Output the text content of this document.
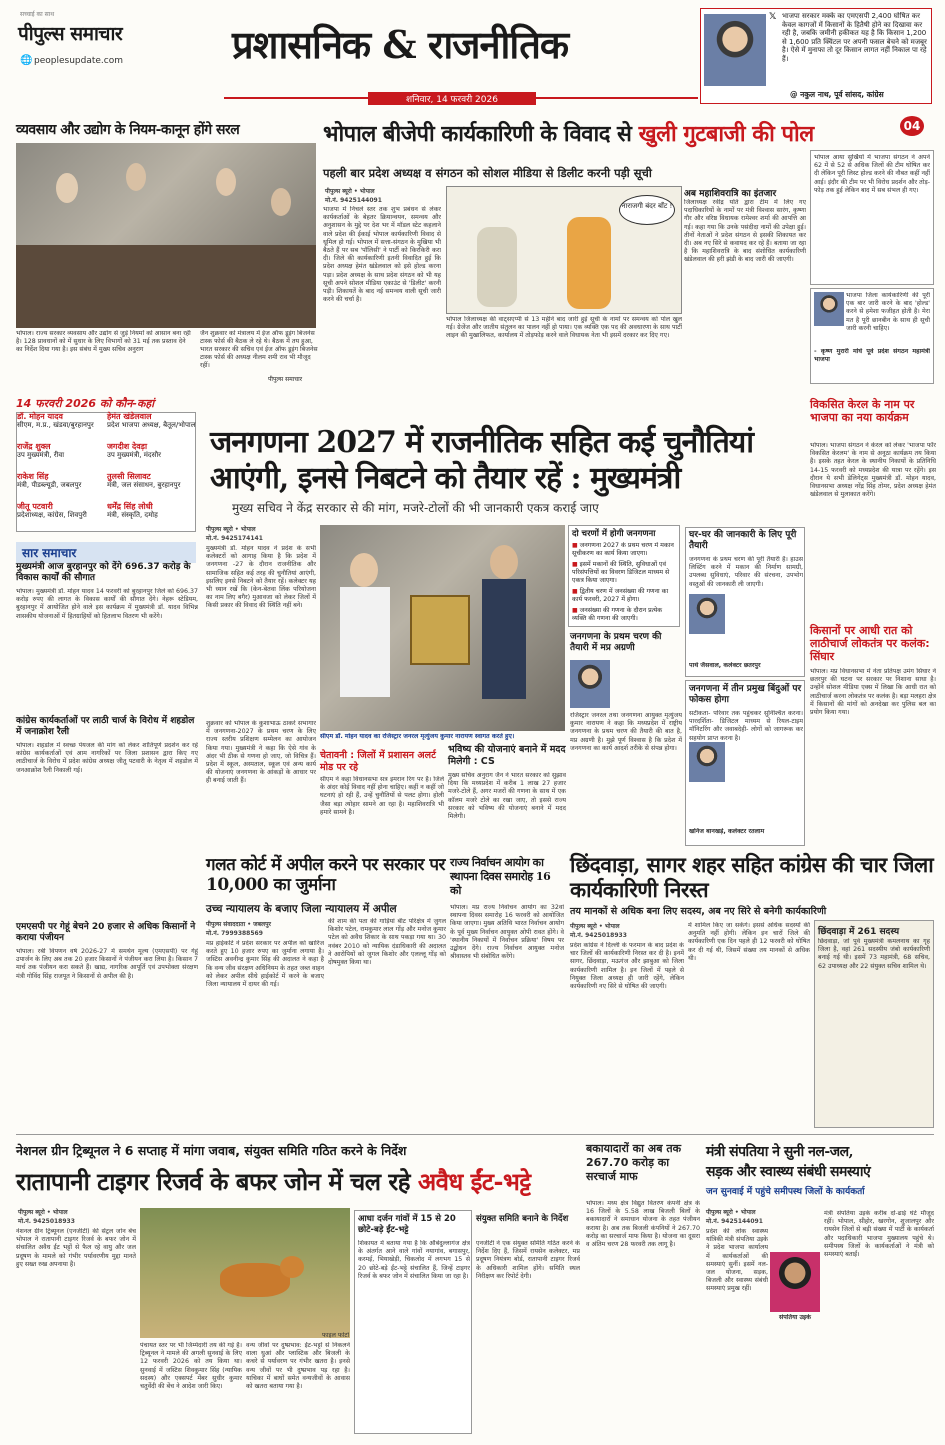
सच्चाई का साथ
पीपुल्स समाचार
🌐 peoplesupdate.com	प्रशासनिक & राजनीतिक
शनिवार, 14 फरवरी 2026
𝕏 भाजपा सरकार मक्के का एमएसपी 2,400 घोषित कर केवल कागजों में किसानों के हितैषी होने का दिखावा कर रही है, जबकि जमीनी हकीकत यह है कि किसान 1,200 से 1,600 प्रति क्विंटल पर अपनी फसल बेचने को मजबूर है। ऐसे में मुनाफा तो दूर किसान लागत नहीं निकाल पा रहे हैं।
@ नकुल नाथ, पूर्व सांसद, कांग्रेस
04
व्यवसाय और उद्योग के नियम-कानून होंगे सरल
भोपाल। राज्य सरकार व्यवसाय और उद्योग से जुड़े नियमों को आसान बना रही है। 128 प्रावधानों को में सुधार के लिए विभागों को 31 मई तक प्रस्ताव देने का निर्देश दिया गया है। इस संबंध में मुख्य सचिव अनुराग
जैन शुक्रवार को मंत्रालय में ईज ऑफ डूइंग बिजनेस टास्क फोर्स की बैठक ले रहे थे। बैठक में तय हुआ, भारत सरकार की सचिव एवं ईज ऑफ डूइंग बिजनेस टास्क फोर्स की अध्यक्ष नीलम शमी राव भी मौजूद रहीं।
पीपुल्स समाचार
भोपाल बीजेपी कार्यकारिणी के विवाद से खुली गुटबाजी की पोल
पहली बार प्रदेश अध्यक्ष व संगठन को सोशल मीडिया से डिलीट करनी पड़ी सूची
पीपुल्स ब्यूरो • भोपाल
मो.नं. 9425144091
भाजपा में निचले स्तर तक शुभ प्रबंधन से लेकर कार्यकर्ताओं के बेहतर क्रियान्वयन, समन्वय और अनुशासन के मुद्दे पर देश भर में मॉडल स्टेट कहलाने वाले प्रदेश की ईकाई भोपाल कार्यकारिणी विवाद से धूमिल हो गई। भोपाल में सत्ता-संगठन के मुखिया भी बैठते हैं पर सब 'पॉलिसी' ने पार्टी को किरकिरी करा दी। जिले की कार्यकारिणी इतनी विवादित हुई कि प्रदेश अध्यक्ष हेमंत खंडेलवाल को इसे होल्ड करना पड़ा। प्रदेश अध्यक्ष के साथ प्रदेश संगठन को भी यह सूची अपने सोशल मीडिया एकाउंट से 'डिलीट' करनी पड़ी। शिकायतें के बाद नई समन्वय वाली सूची जारी करने की चर्चा है।
नाराजगी बंदर बाँट !
भोपाल जिलाध्यक्ष की वाट्सएप्पी से 13 महीने बाद जारी हुई सूची के नामों पर समन्वय को पोल खुल गई। ग्रेजेंज और जातीय संतुलन का पालन नहीं हो पाया। एक व्यक्ति एक पद की अवधारणा के साथ पार्टी लाइन की मुखालिफत, कार्यालय में तोड़फोड़ करने वाले विधायक नेता भी इसमें दरकार कर दिए गए।
अब महाशिवरात्रि का इंतजार
जिलाध्यक्ष रवींद्र यति द्वारा टीम में लिए गए पदाधिकारियों के नामों पर मंत्री विश्वास सारंग, कृष्णा गौर और वरिष्ठ विधायक रामेश्वर शर्मा की आपत्ति आ गई। कहा गया कि उनके पसंदीदा नामों की उपेक्षा हुई। तीनों नेताओं ने प्रदेश संगठन से इसकी शिकायत कर दी। अब नए सिरे से कवायद कर रहे हैं। बताया जा रहा है कि महाशिवरात्रि के बाद संशोधित कार्यकारिणी खंडेलवाल की हरी झंडी के बाद जारी की जाएगी।
भोपाल आया सुर्खियों में भाजपा संगठन ने अपने 62 में से 52 से अधिक जिलों की टीम घोषित कर दी लेकिन पूरी लिस्ट होल्ड करने की नौबत कहीं नहीं आई। इंदौर की टीम पर भी विरोध प्रदर्शन और तोड़-फोड़ तक हुई लेकिन बाद में सब संभल ही गए।
भाजपा जिला कार्यकारिणी की पूरी एक बार जारी करने के बाद 'होल्ड' करने से हमेशा फजीहत होती है। मेरा मत है पूरी छानबीन के साथ ही सूची जारी करनी चाहिए।
- कृष्ण मुरारी मोघे पूर्व प्रदेश संगठन महामंत्री भाजपा
14 फरवरी 2026 को कौन-कहां
डॉ. मोहन यादव
सीएम, म.प्र., खंडवा/बुरहानपुर
हेमंत खंडेलवाल
प्रदेश भाजपा अध्यक्ष, बैतूल/भोपाल
राजेंद्र शुक्ल
उप मुख्यमंत्री, रीवा
जगदीश देवड़ा
उप मुख्यमंत्री, मंदसौर
राकेश सिंह
मंत्री, पीडब्ल्यूडी, जबलपुर
तुलसी सिलावट
मंत्री, जल संसाधन, बुरहानपुर
जीतू पटवारी
प्रदेशाध्यक्ष, कांग्रेस, शिवपुरी
धर्मेंद्र सिंह लोधी
मंत्री, संस्कृति, दमोह
जनगणना 2027 में राजनीतिक सहित कई चुनौतियां
आएंगी, इनसे निबटने को तैयार रहें : मुख्यमंत्री
मुख्य सचिव ने केंद्र सरकार से की मांग, मजरे-टोलों की भी जानकारी एकत्र कराई जाए
विकसित केरल के नाम पर भाजपा का नया कार्यक्रम
भोपाल। भाजपा संगठन ने केरल को लेकर 'भाजपा फॉर विकसित केरलम' के नाम से अनूठा कार्यक्रम तय किया है। इसके तहत केरल के स्थानीय निकायों के प्रतिनिधि 14-15 फरवरी को मध्यप्रदेश की यात्रा पर रहेंगे। इस दौरान ये सभी डेलिगेट्स मुख्यमंत्री डॉ. मोहन यादव, विधानसभा अध्यक्ष नरेंद्र सिंह तोमर, प्रदेश अध्यक्ष हेमंत खंडेलवाल से मुलाकात करेंगे।
किसानों पर आधी रात को लाठीचार्ज लोकतंत्र पर कलंक: सिंघार
भोपाल। मप्र विधानसभा में नेता प्रतिपक्ष उमंग सिंघार ने छतरपुर की घटना पर सरकार पर निशाना साधा है। उन्होंने सोशल मीडिया एक्स में लिखा कि आधी रात को लाठीचार्ज करना लोकतंत्र पर कलंक है। बड़ा मलहरा क्षेत्र में किसानों की मांगों को अनदेखा कर पुलिस बल का प्रयोग किया गया।
सार समाचार
मुख्यमंत्री आज बुरहानपुर को देंगे 696.37 करोड़ के विकास कार्यों की सौगात
भोपाल। मुख्यमंत्री डॉ. मोहन यादव 14 फरवरी को बुरहानपुर जिले को 696.37 करोड़ रुपए की लागत के विकास कार्यों की सौगात देंगे। नेहरू स्टेडियम, बुरहानपुर में आयोजित होने वाले इस कार्यक्रम में मुख्यमंत्री डॉ. यादव विभिन्न शासकीय योजनाओं में हितग्राहियों को हितलाभ वितरण भी करेंगे।
कांग्रेस कार्यकर्ताओं पर लाठी चार्ज के विरोध में शहडोल में जनाक्रोश रैली
भोपाल। शहडोल में स्वच्छ पेयजल की मांग को लेकर शांतिपूर्ण प्रदर्शन कर रहे कांग्रेस कार्यकर्ताओं एवं आम नागरिकों पर जिला प्रशासन द्वारा किए गए लाठीचार्ज के विरोध में प्रदेश कांग्रेस अध्यक्ष जीतू पटवारी के नेतृत्व में शहडोल में जनआक्रोश रैली निकाली गई।
एमएसपी पर गेहूं बेचने 20 हजार से अधिक किसानों ने कराया पंजीयन
भोपाल। रबी विपणन वर्ष 2026-27 में समर्थन मूल्य (एमएसपी) पर गेहूं उपार्जन के लिए अब तक 20 हजार किसानों ने पंजीयन करा लिया है। किसान 7 मार्च तक पंजीयन करा सकते हैं। खाद्य, नागरिक आपूर्ति एवं उपभोक्ता संरक्षण मंत्री गोविंद सिंह राजपूत ने किसानों से अपील की है।
पीपुल्स ब्यूरो • भोपाल
मो.नं. 9425174141
मुख्यमंत्री डॉ. मोहन यादव ने प्रदेश के सभी कलेक्टरों को आगाह किया है कि प्रदेश में जनगणना -27 के दौरान राजनीतिक और सामाजिक सहित कई तरह की चुनौतियां आएंगी, इसलिए इनसे निबटने को तैयार रहें। कलेक्टर यह भी ध्यान रखें कि (केन-बेतवा लिंक परियोजना का नाम लिए बगैर) मुआवजा को लेकर जिलों में किसी प्रकार की विवाद की स्थिति नहीं बने।
शुक्रवार को भोपाल के कुशाभाऊ ठाकरे सभागार में जनगणना-2027 के प्रथम चरण के लिए राज्य स्तरीय प्रशिक्षण सम्मेलन का आयोजन किया गया। मुख्यमंत्री ने कहा कि ऐसे गांव के अंदर भी ठीक से गणना हो जाए, जो विचित्र हैं। प्रदेश में स्कूल, अस्पताल, स्कूल एवं अन्य कार्य की योजनाएं जनगणना के आंकड़ों के आधार पर ही बनाई जाती हैं।
सीएम डॉ. मोहन यादव का रजिस्ट्रार जनरल मृत्युंजय कुमार नारायण स्वागत करते हुए।
चेतावनी : जिलों में प्रशासन अलर्ट मोड पर रहे
सीएम ने कहा विधानसभा सत्र इमरान रिग पर है। जिले के अंदर कोई विवाद नहीं होना चाहिए। कहीं न कहीं जो घटनाएं हो रही हैं, उन्हें चुनौतियों से पलट होगा। होली जैसा बड़ा त्योहार सामने आ रहा है। महाशिवरात्रि भी हमारे सामने है।
भविष्य की योजनाएं बनाने में मदद मिलेगी : CS
मुख्य सचिव अनुराग जैन ने भारत सरकार को सुझाव दिया कि मध्यप्रदेश में करीब 1 लाख 27 हजार मजरे-टोले हैं, अगर मजरों की गणना के साथ में एक कॉलम मजरे टोले का रखा जाए, तो इससे राज्य सरकार को भविष्य की योजनाएं बनाने में मदद मिलेगी।
दो चरणों में होगी जनगणना
■ जनगणना 2027 के प्रथम चरण में मकान सूचीकरण का कार्य किया जाएगा।
■ इसमें मकानों की स्थिति, सुविधाओं एवं परिसंपत्तियों का विवरण डिजिटल माध्यम से एकत्र किया जाएगा।
■ द्वितीय चरण में जनसंख्या की गणना का कार्य फरवरी, 2027 में होगा।
■ जनसंख्या की गणना के दौरान प्रत्येक व्यक्ति की गणना की जाएगी।
जनगणना के प्रथम चरण की तैयारी में मप्र अग्रणी
रजिस्ट्रार जनरल तथा जनगणना आयुक्त मृत्युंजय कुमार नारायण ने कहा कि मध्यप्रदेश में राष्ट्रीय जनगणना के प्रथम चरण की तैयारी की बात है, मप्र अग्रणी है। मुझे पूर्ण विश्वास है कि प्रदेश में जनगणना का कार्य आदर्श तरीके से संपन्न होगा।
घर-घर की जानकारी के लिए पूरी तैयारी
जनगणना के प्रथम चरण की पूरी तैयारी है। हाउस लिस्टिंग करने में मकान की निर्माण सामग्री, उपलब्ध सुविधाएं, परिवार की संरचना, उपभोग वस्तुओं की जानकारी ली जाएगी।
पार्थ जैसवाल, कलेक्टर छतरपुर
जनगणना में तीन प्रमुख बिंदुओं पर फोकस होगा
सटीकता- परिवार तक पहुंचकर सुनिश्चित करना। पारदर्शिता- डिजिटल माध्यम से रियल-टाइम मॉनिटरिंग और जवाबदेही- लोगों को जागरूक कर सहयोग प्राप्त करना है।
खनिज बानखड़े, कलेक्टर रतलाम
गलत कोर्ट में अपील करने पर सरकार पर 10,000 का जुर्माना
उच्च न्यायालय के बजाए जिला न्यायालय में अपील
पीपुल्स संवाददाता • जबलपुर
मो.नं. 7999388569
मप्र हाईकोर्ट ने प्रदेश सरकार पर अपील को खारिज करते हुए 10 हजार रुपए का जुर्माना लगाया है। जस्टिस अवनीन्द्र कुमार सिंह की अदालत ने कहा है कि वन्य जीव संरक्षण अधिनियम के तहत जब्त वाहन को लेकर अपील सीधे हाईकोर्ट में करने के बजाए जिला न्यायालय में दायर की गई।
की शाम की पता की गाड़ियां बीट परिक्षेत्र में जुगल किशोर पटेल, रामकुमार लाल गोंड़ और मनोज कुमार पटेल को अवैध शिकार के साथ पकड़ा गया था। 30 नवंबर 2010 को न्यायिक दंडाधिकारी की अदालत ने आरोपियों को जुगल किशोर और एलल्लू गोंड़ को दोषमुक्त किया था।
राज्य निर्वाचन आयोग का स्थापना दिवस समारोह 16 को
भोपाल। मप्र राज्य निर्वाचन आयोग का 32वां स्थापना दिवस समारोह 16 फरवरी को आयोजित किया जाएगा। मुख्य अतिथि भारत निर्वाचन आयोग के पूर्व मुख्य निर्वाचन आयुक्त ओपी रावत होंगे। वे 'स्थानीय निकायों में निर्वाचन प्रक्रिया' विषय पर उद्बोधन देंगे। राज्य निर्वाचन आयुक्त मनोज श्रीवास्तव भी संबोधित करेंगे।
छिंदवाड़ा, सागर शहर सहित कांग्रेस की चार जिला कार्यकारिणी निरस्त
तय मानकों से अधिक बना लिए सदस्य, अब नए सिरे से बनेगी कार्यकारिणी
पीपुल्स ब्यूरो • भोपाल
मो.नं. 9425018933
प्रदेश कांग्रेस ने दिल्ली के फरमान के बाद प्रदेश के चार जिलों की कार्यकारिणी निरस्त कर दी है। इनमें सागर, छिंदवाड़ा, मऊगंज और झाबुआ को जिला कार्यकारिणी शामिल है। इन जिलों में पहले से नियुक्त जिला अध्यक्ष ही जारी रहेंगे, लेकिन कार्यकारिणी नए सिरे से घोषित की जाएगी।
में शामिल किए जा सकेंगे। इससे अधिक सदस्यों की अनुमति नहीं होगी। लेकिन इन चारों जिले की कार्यकारिणी एक दिन पहले ही 12 फरवरी को घोषित कर दी गई थी, जिसमें संख्या तय मानकों से अधिक थी।
छिंदवाड़ा में 261 सदस्य
छिंदवाड़ा, जो पूर्व मुख्यमंत्री कमलनाथ का गृह जिला है, वहां 261 सदस्यीय जंबो कार्यकारिणी बनाई गई थी। इसमें 73 महामंत्री, 68 सचिव, 62 उपाध्यक्ष और 22 संयुक्त सचिव शामिल थे।
नेशनल ग्रीन ट्रिब्यूनल ने 6 सप्ताह में मांगा जवाब, संयुक्त समिति गठित करने के निर्देश
रातापानी टाइगर रिजर्व के बफर जोन में चल रहे अवैध ईंट-भट्टे
पीपुल्स ब्यूरो • भोपाल
मो.नं. 9425018933
नेशनल ग्रीन ट्रिब्यूनल (एनजीटी) की सेंट्रल जोन बेंच भोपाल ने रातापानी टाइगर रिजर्व के बफर जोन में संचालित अवैध ईंट भट्टों से फैल रहे वायु और जल प्रदूषण के मामले को गंभीर पर्यावरणीय मुद्दा मानते हुए सख्त रुख अपनाया है।
फाइल फोटो
पंचायत स्तर पर भी जिम्मेदारी तय की गई है। ट्रिब्यूनल ने मामले की अगली सुनवाई के लिए 12 फरवरी 2026 को तय किया था। सुनवाई में जस्टिस शिवकुमार सिंह (न्यायिक सदस्य) और एक्सपर्ट मेंबर सुधीर कुमार चतुर्वेदी की बेंच ने आदेश जारी किए।
वन्य जीवों पर दुष्प्रभाव: ईंट-भट्टों से निकलने वाला धुआं और प्लास्टिक और बिजली के कचरे से पर्यावरण पर गंभीर खतरा है। इनसे वन्य जीवों पर भी दुष्प्रभाव पड़ रहा है। याचिका में बाघों समेत वन्यजीवों के आवास को खतरा बताया गया है।
आधा दर्जन गांवों में 15 से 20 छोटे-बड़े ईंट-भट्टे
शिकायत में बताया गया है कि औबेदुल्लागंज क्षेत्र के अंतर्गत आने वाले गांवों नयागांव, बगासपुर, करमई, भियाखेड़ी, चिकलोद में लगभग 15 से 20 छोटे-बड़े ईंट-भट्टे संचालित हैं, जिन्हें टाइगर रिजर्व के बफर जोन में संचालित किया जा रहा है।
संयुक्त समिति बनाने के निर्देश
एनजीटी ने एक संयुक्त समिति गठित करने के निर्देश दिए हैं, जिसमें रायसेन कलेक्टर, मप्र प्रदूषण नियंत्रण बोर्ड, रातापानी टाइगर रिजर्व के अधिकारी शामिल होंगे। समिति स्थल निरीक्षण कर रिपोर्ट देगी।
बकायादारों का अब तक 267.70 करोड़ का सरचार्ज माफ
भोपाल। मध्य क्षेत्र विद्युत वितरण कंपनी क्षेत्र के 16 जिलों के 5.58 लाख बिजली बिलों के बकायादारों ने समाधान योजना के तहत पंजीयन कराया है। अब तक बिजली कंपनियों ने 267.70 करोड़ का सरचार्ज माफ किया है। योजना का दूसरा व अंतिम चरण 28 फरवरी तक लागू है।
मंत्री संपतिया ने सुनी नल-जल,
सड़क और स्वास्थ्य संबंधी समस्याएं
जन सुनवाई में पहुंचे समीपस्थ जिलों के कार्यकर्ता
पीपुल्स ब्यूरो • भोपाल
मो.नं. 9425144091
प्रदेश की लोक स्वास्थ्य यांत्रिकी मंत्री संपतिया उइके ने प्रदेश भाजपा कार्यालय में कार्यकर्ताओं की समस्याएं सुनीं। इसमें नल-जल योजना, सड़क, बिजली और स्वास्थ्य संबंधी समस्याएं प्रमुख रहीं।
संपतिया उइके
मंत्री संपतिया उइके करीब दो-ढाई घंटे मौजूद रहीं। भोपाल, सीहोर, खरगोन, शुजालपुर और रायसेन जिलों से बड़ी संख्या में पार्टी के कार्यकर्ता और पदाधिकारी भाजपा मुख्यालय पहुंचे थे। समीपस्थ जिलों के कार्यकर्ताओं ने मंत्री को समस्याएं बताईं।
